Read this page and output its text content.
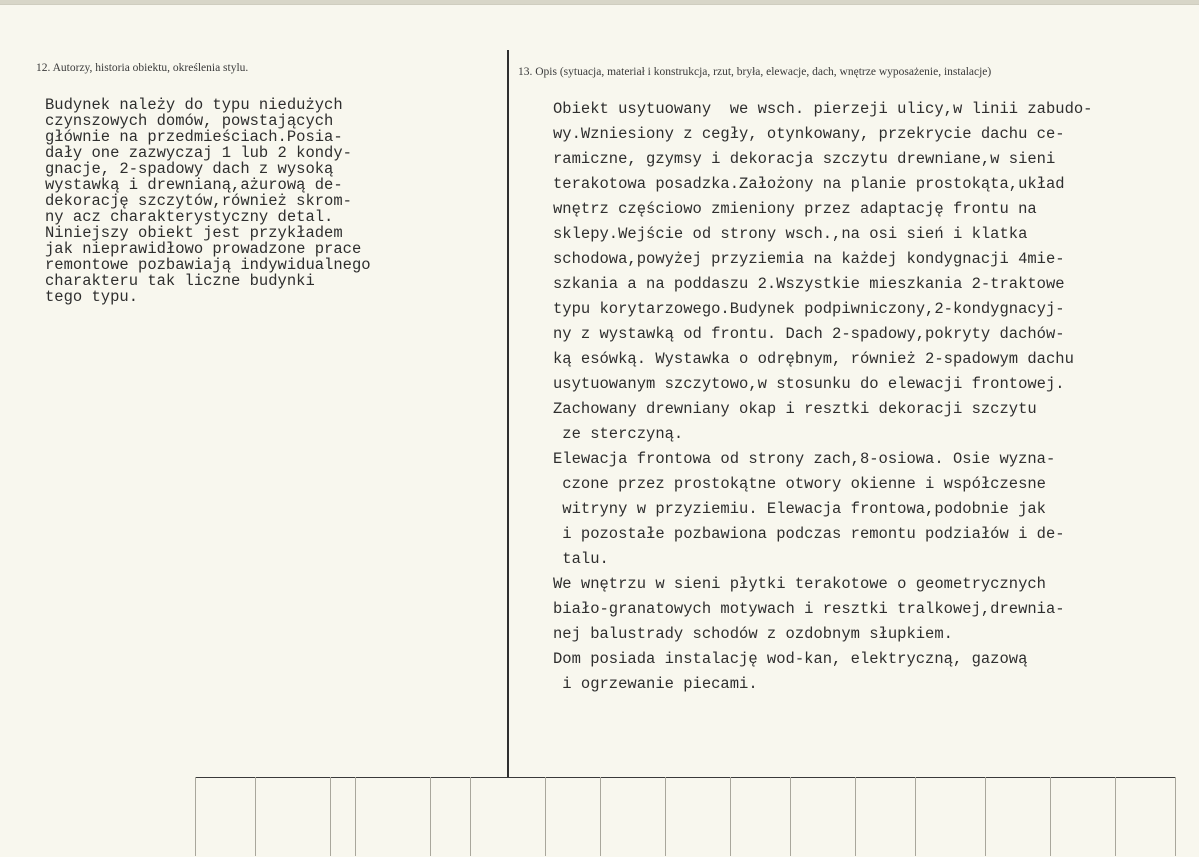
12. Autorzy, historia obiektu, określenia stylu.	13. Opis (sytuacja, materiał i konstrukcja, rzut, bryła, elewacje, dach, wnętrze wyposażenie, instalacje)
Budynek należy do typu niedużych
czynszowych domów, powstających
głównie na przedmieściach.Posia-
dały one zazwyczaj 1 lub 2 kondy-
gnacje, 2-spadowy dach z wysoką
wystawką i drewnianą,ażurową de-
dekorację szczytów,również skrom-
ny acz charakterystyczny detal.
Niniejszy obiekt jest przykładem
jak nieprawidłowo prowadzone prace
remontowe pozbawiają indywidualnego
charakteru tak liczne budynki
tego typu.
Obiekt usytuowany  we wsch. pierzeji ulicy,w linii zabudo-
wy.Wzniesiony z cegły, otynkowany, przekrycie dachu ce-
ramiczne, gzymsy i dekoracja szczytu drewniane,w sieni
terakotowa posadzka.Założony na planie prostokąta,układ
wnętrz częściowo zmieniony przez adaptację frontu na
sklepy.Wejście od strony wsch.,na osi sień i klatka
schodowa,powyżej przyziemia na każdej kondygnacji 4mie-
szkania a na poddaszu 2.Wszystkie mieszkania 2-traktowe
typu korytarzowego.Budynek podpiwniczony,2-kondygnacyj-
ny z wystawką od frontu. Dach 2-spadowy,pokryty dachów-
ką esówką. Wystawka o odrębnym, również 2-spadowym dachu
usytuowanym szczytowo,w stosunku do elewacji frontowej.
Zachowany drewniany okap i resztki dekoracji szczytu
ze sterczyną.
Elewacja frontowa od strony zach,8-osiowa. Osie wyzna-
czone przez prostokątne otwory okienne i współczesne
witryny w przyziemiu. Elewacja frontowa,podobnie jak
i pozostałe pozbawiona podczas remontu podziałów i de-
talu.
We wnętrzu w sieni płytki terakotowe o geometrycznych
biało-granatowych motywach i resztki tralkowej,drewnia-
nej balustrady schodów z ozdobnym słupkiem.
Dom posiada instalację wod-kan, elektryczną, gazową
i ogrzewanie piecami.
